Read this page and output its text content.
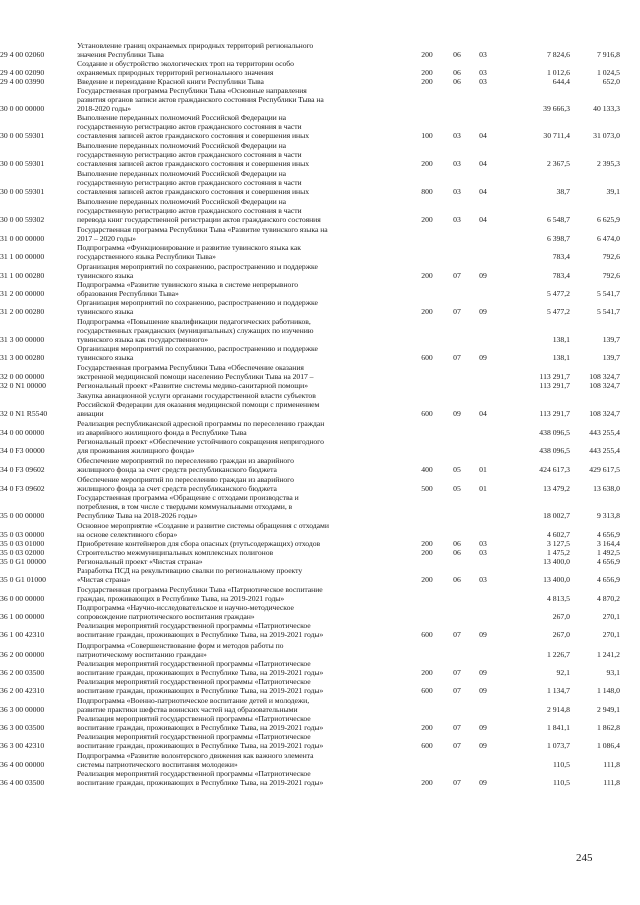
Установление границ охранаемых природных территорий регионального значения Республики Тыва
29 4 00 02060	200	06	03	7 824,6	7 916,8
Создание и обустройство экологических троп на территории особо охраняемых природных территорий регионального значения
29 4 00 02090	200	06	03	1 012,6	1 024,5
Введение и переиздание Красной книги Республики Тыва
29 4 00 03990	200	06	03	644,4	652,0
Государственная программа Республики Тыва «Основные направления развития органов записи актов гражданского состояния Республики Тыва на 2018-2020 годы»
30 0 00 00000	39 666,3	40 133,3
Выполнение переданных полномочий Российской Федерации на государственную регистрацию актов гражданского состояния в части составления записей актов гражданского состояния и совершения иных
30 0 00 59301	100	03	04	30 711,4	31 073,0
Выполнение переданных полномочий Российской Федерации на государственную регистрацию актов гражданского состояния в части составления записей актов гражданского состояния и совершения иных
30 0 00 59301	200	03	04	2 367,5	2 395,3
Выполнение переданных полномочий Российской Федерации на государственную регистрацию актов гражданского состояния в части составления записей актов гражданского состояния и совершения иных
30 0 00 59301	800	03	04	38,7	39,1
Выполнение переданных полномочий Российской Федерации на государственную регистрацию актов гражданского состояния в части перевода книг государственной регистрации актов гражданского состояния
30 0 00 59302	200	03	04	6 548,7	6 625,9
Государственная программа Республики Тыва «Развитие тувинского языка на 2017 – 2020 годы»
31 0 00 00000	6 398,7	6 474,0
Подпрограмма «Функционирование и развитие тувинского языка как государственного языка Республики Тыва»
31 1 00 00000	783,4	792,6
Организация мероприятий по сохранению, распространению и поддержке тувинского языка
31 1 00 00280	200	07	09	783,4	792,6
Подпрограмма «Развитие тувинского языка в системе непрерывного образования Республики Тыва»
31 2 00 00000	5 477,2	5 541,7
Организация мероприятий по сохранению, распространению и поддержке тувинского языка
31 2 00 00280	200	07	09	5 477,2	5 541,7
Подпрограмма «Повышение квалификации педагогических работников, государственных гражданских (муниципальных) служащих по изучению тувинского языка как государственного»
31 3 00 00000	138,1	139,7
Организация мероприятий по сохранению, распространению и поддержке тувинского языка
31 3 00 00280	600	07	09	138,1	139,7
Государственная программа Республики Тыва «Обеспечение оказания экстренной медицинской помощи населению Республики Тыва на 2017 –
32 0 00 00000	113 291,7	108 324,7
Региональный проект «Развитие системы медико-санитарной помощи»
32 0 N1 00000	113 291,7	108 324,7
Закупка авиационной услуги органами государственной власти субъектов Российской Федерации для оказания медицинской помощи с применением авиации
32 0 N1 R5540	600	09	04	113 291,7	108 324,7
Реализация республиканской адресной программы по переселению граждан из аварийного жилищного фонда в Республике Тыва
34 0 00 00000	438 096,5	443 255,4
Региональный проект «Обеспечение устойчивого сокращения непригодного для проживания жилищного фонда»
34 0 F3 00000	438 096,5	443 255,4
Обеспечение мероприятий по переселению граждан из аварийного жилищного фонда за счет средств республиканского бюджета
34 0 F3 09602	400	05	01	424 617,3	429 617,5
Обеспечение мероприятий по переселению граждан из аварийного жилищного фонда за счет средств республиканского бюджета
34 0 F3 09602	500	05	01	13 479,2	13 638,0
Государственная программа «Обращение с отходами производства и потребления, в том числе с твердыми коммунальными отходами, в Республике Тыва на 2018-2026 годы»
35 0 00 00000	18 002,7	9 313,8
Основное мероприятие «Создание и развитие системы обращения с отходами на основе селективного сбора»
35 0 03 00000	4 602,7	4 656,9
Приобретение контейнеров для сбора опасных (ртутьсодержащих) отходов
35 0 03 01000	200	06	03	3 127,5	3 164,4
Строительство межмуниципальных комплексных полигонов
35 0 03 02000	200	06	03	1 475,2	1 492,5
Региональный проект «Чистая страна»
35 0 G1 00000	13 400,0	4 656,9
Разработка ПСД на рекультивацию свалки по региональному проекту «Чистая страна»
35 0 G1 01000	200	06	03	13 400,0	4 656,9
Государственная программа Республики Тыва «Патриотическое воспитание граждан, проживающих в Республике Тыва, на 2019-2021 годы»
36 0 00 00000	4 813,5	4 870,2
Подпрограмма «Научно-исследовательское и научно-методическое сопровождение патриотического воспитания граждан»
36 1 00 00000	267,0	270,1
Реализация мероприятий государственной программы «Патриотическое воспитание граждан, проживающих в Республике Тыва, на 2019-2021 годы»
36 1 00 42310	600	07	09	267,0	270,1
Подпрограмма «Совершенствование форм и методов работы по патриотическому воспитанию граждан»
36 2 00 00000	1 226,7	1 241,2
Реализация мероприятий государственной программы «Патриотическое воспитание граждан, проживающих в Республике Тыва, на 2019-2021 годы»
36 2 00 03500	200	07	09	92,1	93,1
Реализация мероприятий государственной программы «Патриотическое воспитание граждан, проживающих в Республике Тыва, на 2019-2021 годы»
36 2 00 42310	600	07	09	1 134,7	1 148,0
Подпрограмма «Военно-патриотическое воспитание детей и молодежи, развитие практики шефства воинских частей над образовательными
36 3 00 00000	2 914,8	2 949,1
Реализация мероприятий государственной программы «Патриотическое воспитание граждан, проживающих в Республике Тыва, на 2019-2021 годы»
36 3 00 03500	200	07	09	1 841,1	1 862,8
Реализация мероприятий государственной программы «Патриотическое воспитание граждан, проживающих в Республике Тыва, на 2019-2021 годы»
36 3 00 42310	600	07	09	1 073,7	1 086,4
Подпрограмма «Развитие волонтерского движения как важного элемента системы патриотического воспитания молодежи»
36 4 00 00000	110,5	111,8
Реализация мероприятий государственной программы «Патриотическое воспитание граждан, проживающих в Республике Тыва, на 2019-2021 годы»
36 4 00 03500	200	07	09	110,5	111,8
245
